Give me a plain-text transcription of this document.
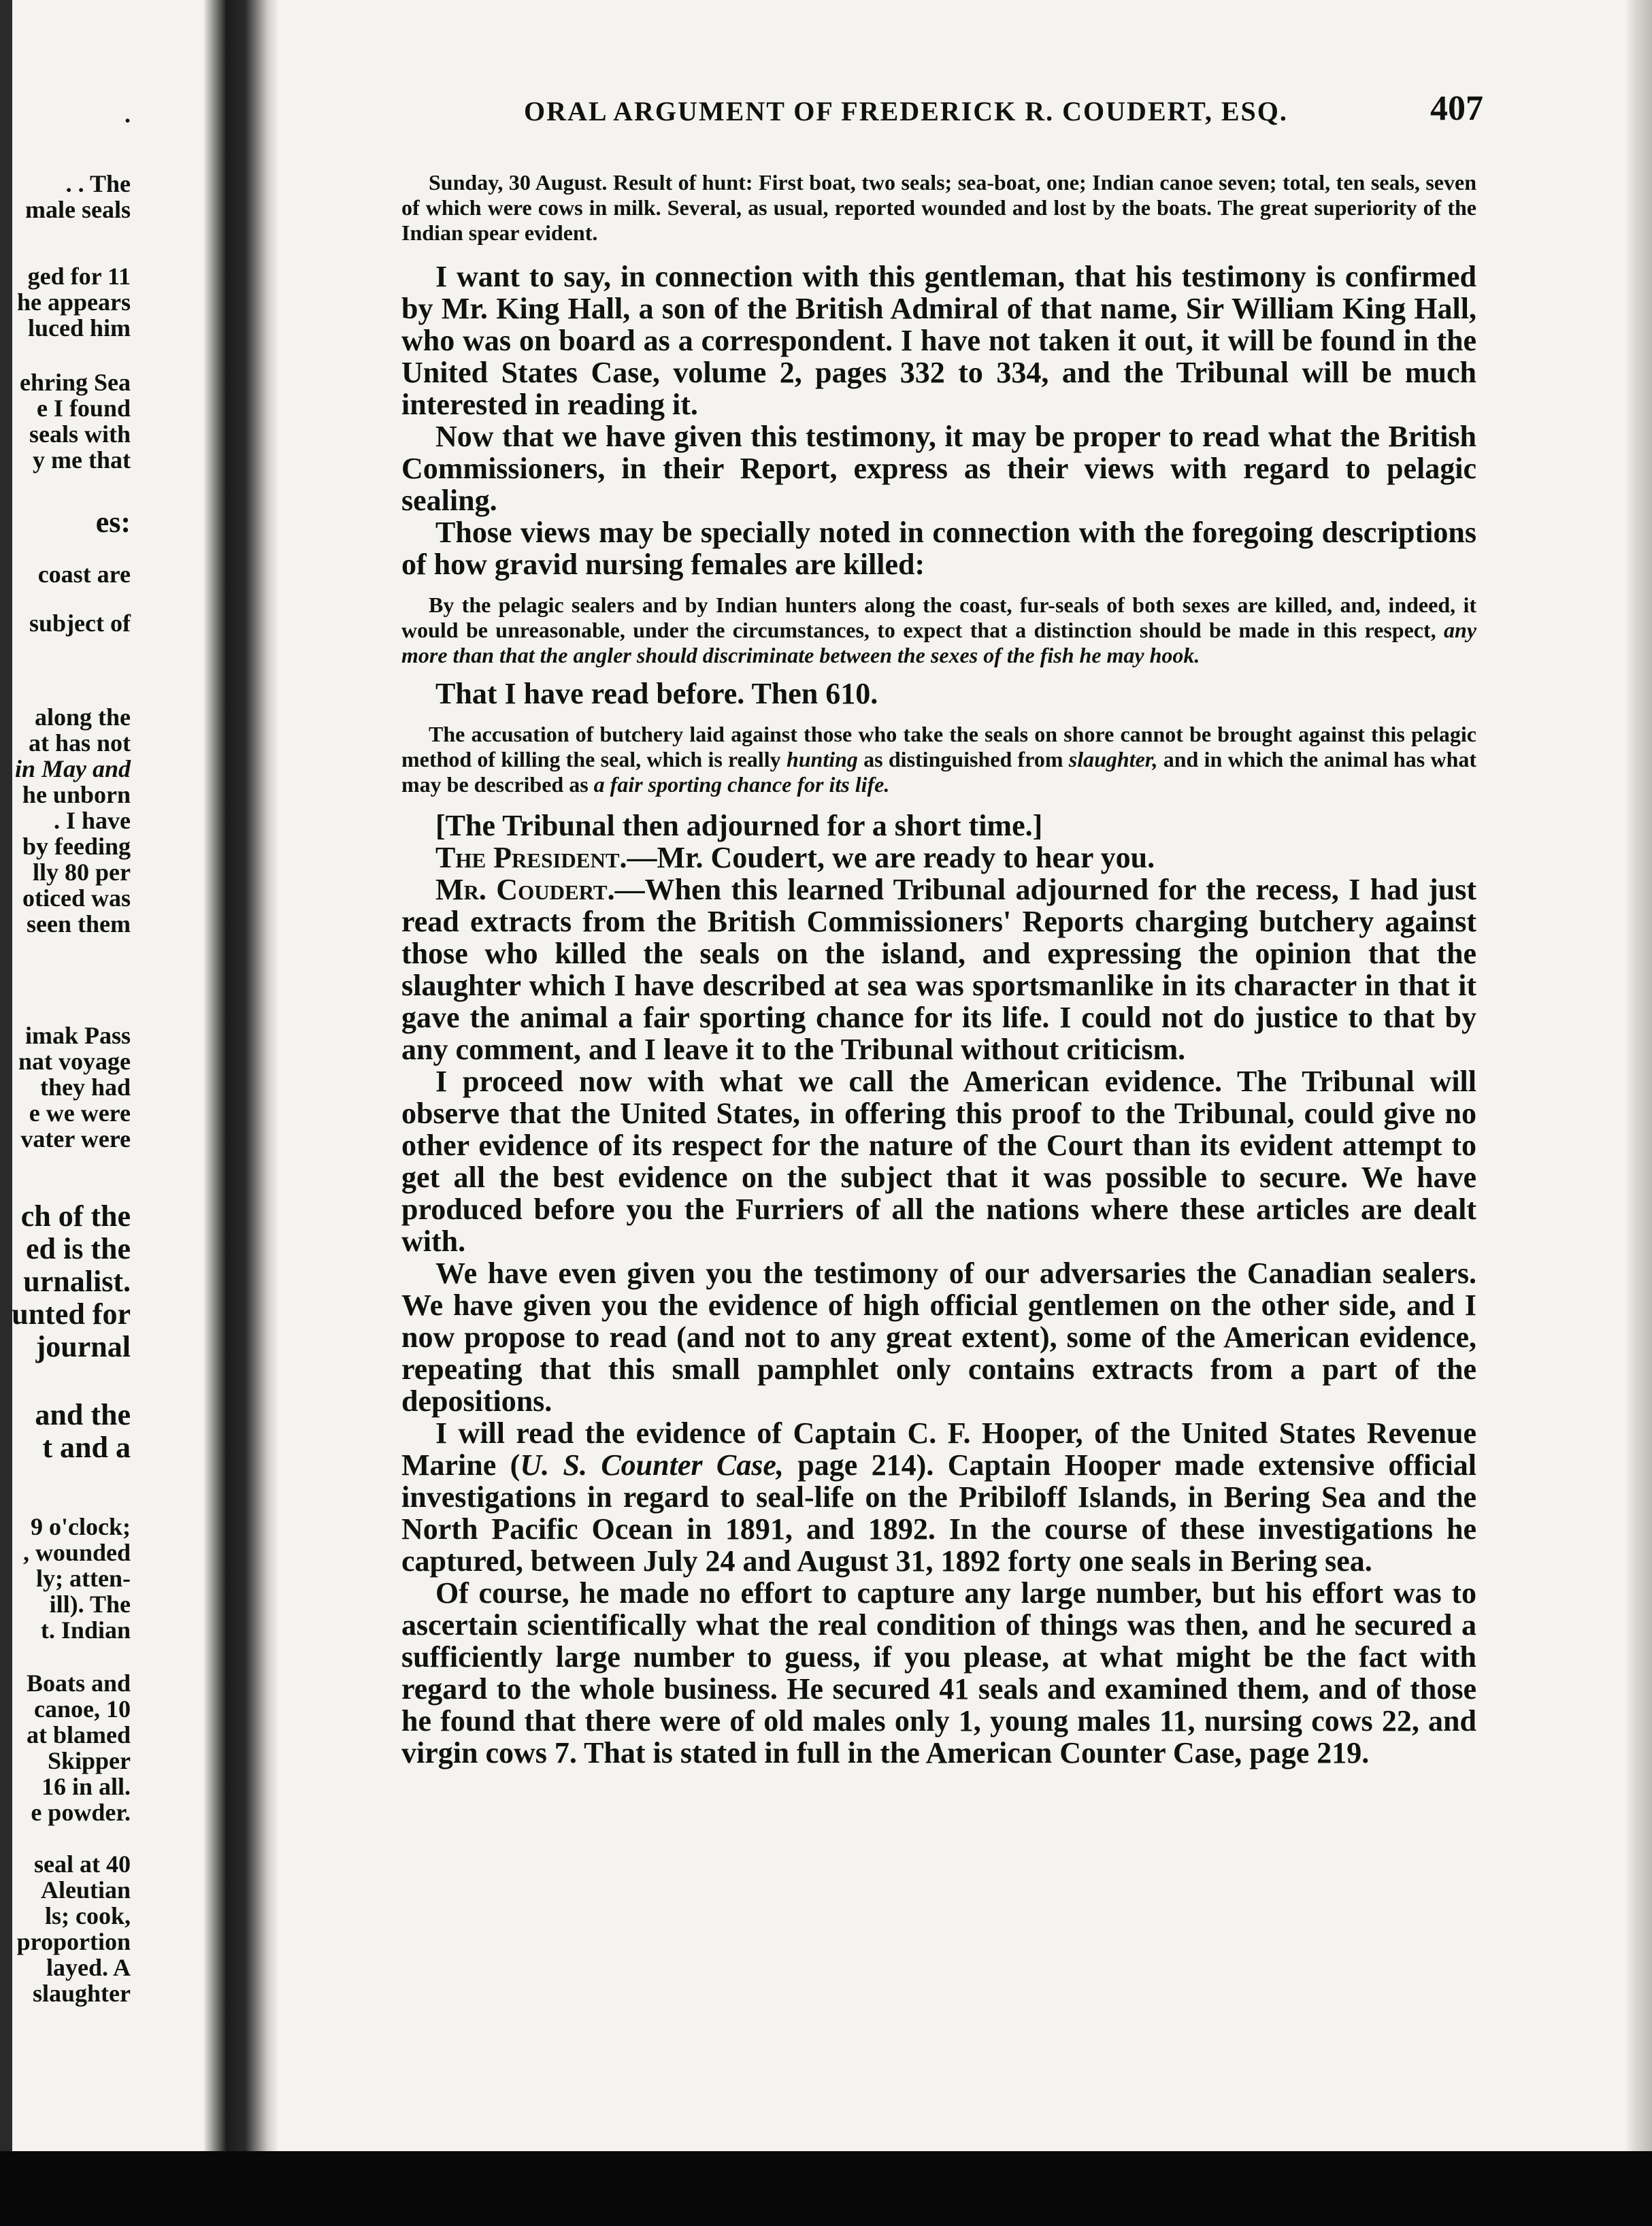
.
. . The
male seals
ged for 11
he appears
luced him
ehring Sea
e I found
seals with
y me that
es:
coast are
subject of
along the
at has not
in May and
he unborn
. I have
by feeding
lly 80 per
oticed was
seen them
imak Pass
nat voyage
they had
e we were
vater were
ch of the
ed is the
urnalist.
unted for
journal
and the
t and a
9 o'clock;
, wounded
ly; atten-
ill). The
t. Indian
Boats and
canoe, 10
at blamed
Skipper
16 in all.
e powder.
seal at 40
Aleutian
ls; cook,
proportion
layed. A
slaughter
ORAL ARGUMENT OF FREDERICK R. COUDERT, ESQ.	407

Sunday, 30 August. Result of hunt: First boat, two seals; sea-boat, one; Indian canoe seven; total, ten seals, seven of which were cows in milk. Several, as usual, reported wounded and lost by the boats. The great superiority of the Indian spear evident.

I want to say, in connection with this gentleman, that his testimony is confirmed by Mr. King Hall, a son of the British Admiral of that name, Sir William King Hall, who was on board as a correspondent. I have not taken it out, it will be found in the United States Case, volume 2, pages 332 to 334, and the Tribunal will be much interested in reading it.

Now that we have given this testimony, it may be proper to read what the British Commissioners, in their Report, express as their views with regard to pelagic sealing.

Those views may be specially noted in connection with the foregoing descriptions of how gravid nursing females are killed:

By the pelagic sealers and by Indian hunters along the coast, fur-seals of both sexes are killed, and, indeed, it would be unreasonable, under the circumstances, to expect that a distinction should be made in this respect, any more than that the angler should discriminate between the sexes of the fish he may hook.

That I have read before. Then 610.

The accusation of butchery laid against those who take the seals on shore cannot be brought against this pelagic method of killing the seal, which is really hunting as distinguished from slaughter, and in which the animal has what may be described as a fair sporting chance for its life.

[The Tribunal then adjourned for a short time.]

The President.—Mr. Coudert, we are ready to hear you.

Mr. Coudert.—When this learned Tribunal adjourned for the recess, I had just read extracts from the British Commissioners' Reports charging butchery against those who killed the seals on the island, and expressing the opinion that the slaughter which I have described at sea was sportsmanlike in its character in that it gave the animal a fair sporting chance for its life. I could not do justice to that by any comment, and I leave it to the Tribunal without criticism.

I proceed now with what we call the American evidence. The Tribunal will observe that the United States, in offering this proof to the Tribunal, could give no other evidence of its respect for the nature of the Court than its evident attempt to get all the best evidence on the subject that it was possible to secure. We have produced before you the Furriers of all the nations where these articles are dealt with.

We have even given you the testimony of our adversaries the Canadian sealers. We have given you the evidence of high official gentlemen on the other side, and I now propose to read (and not to any great extent), some of the American evidence, repeating that this small pamphlet only contains extracts from a part of the depositions.

I will read the evidence of Captain C. F. Hooper, of the United States Revenue Marine (U. S. Counter Case, page 214). Captain Hooper made extensive official investigations in regard to seal-life on the Pribiloff Islands, in Bering Sea and the North Pacific Ocean in 1891, and 1892. In the course of these investigations he captured, between July 24 and August 31, 1892 forty one seals in Bering sea.

Of course, he made no effort to capture any large number, but his effort was to ascertain scientifically what the real condition of things was then, and he secured a sufficiently large number to guess, if you please, at what might be the fact with regard to the whole business. He secured 41 seals and examined them, and of those he found that there were of old males only 1, young males 11, nursing cows 22, and virgin cows 7. That is stated in full in the American Counter Case, page 219.
